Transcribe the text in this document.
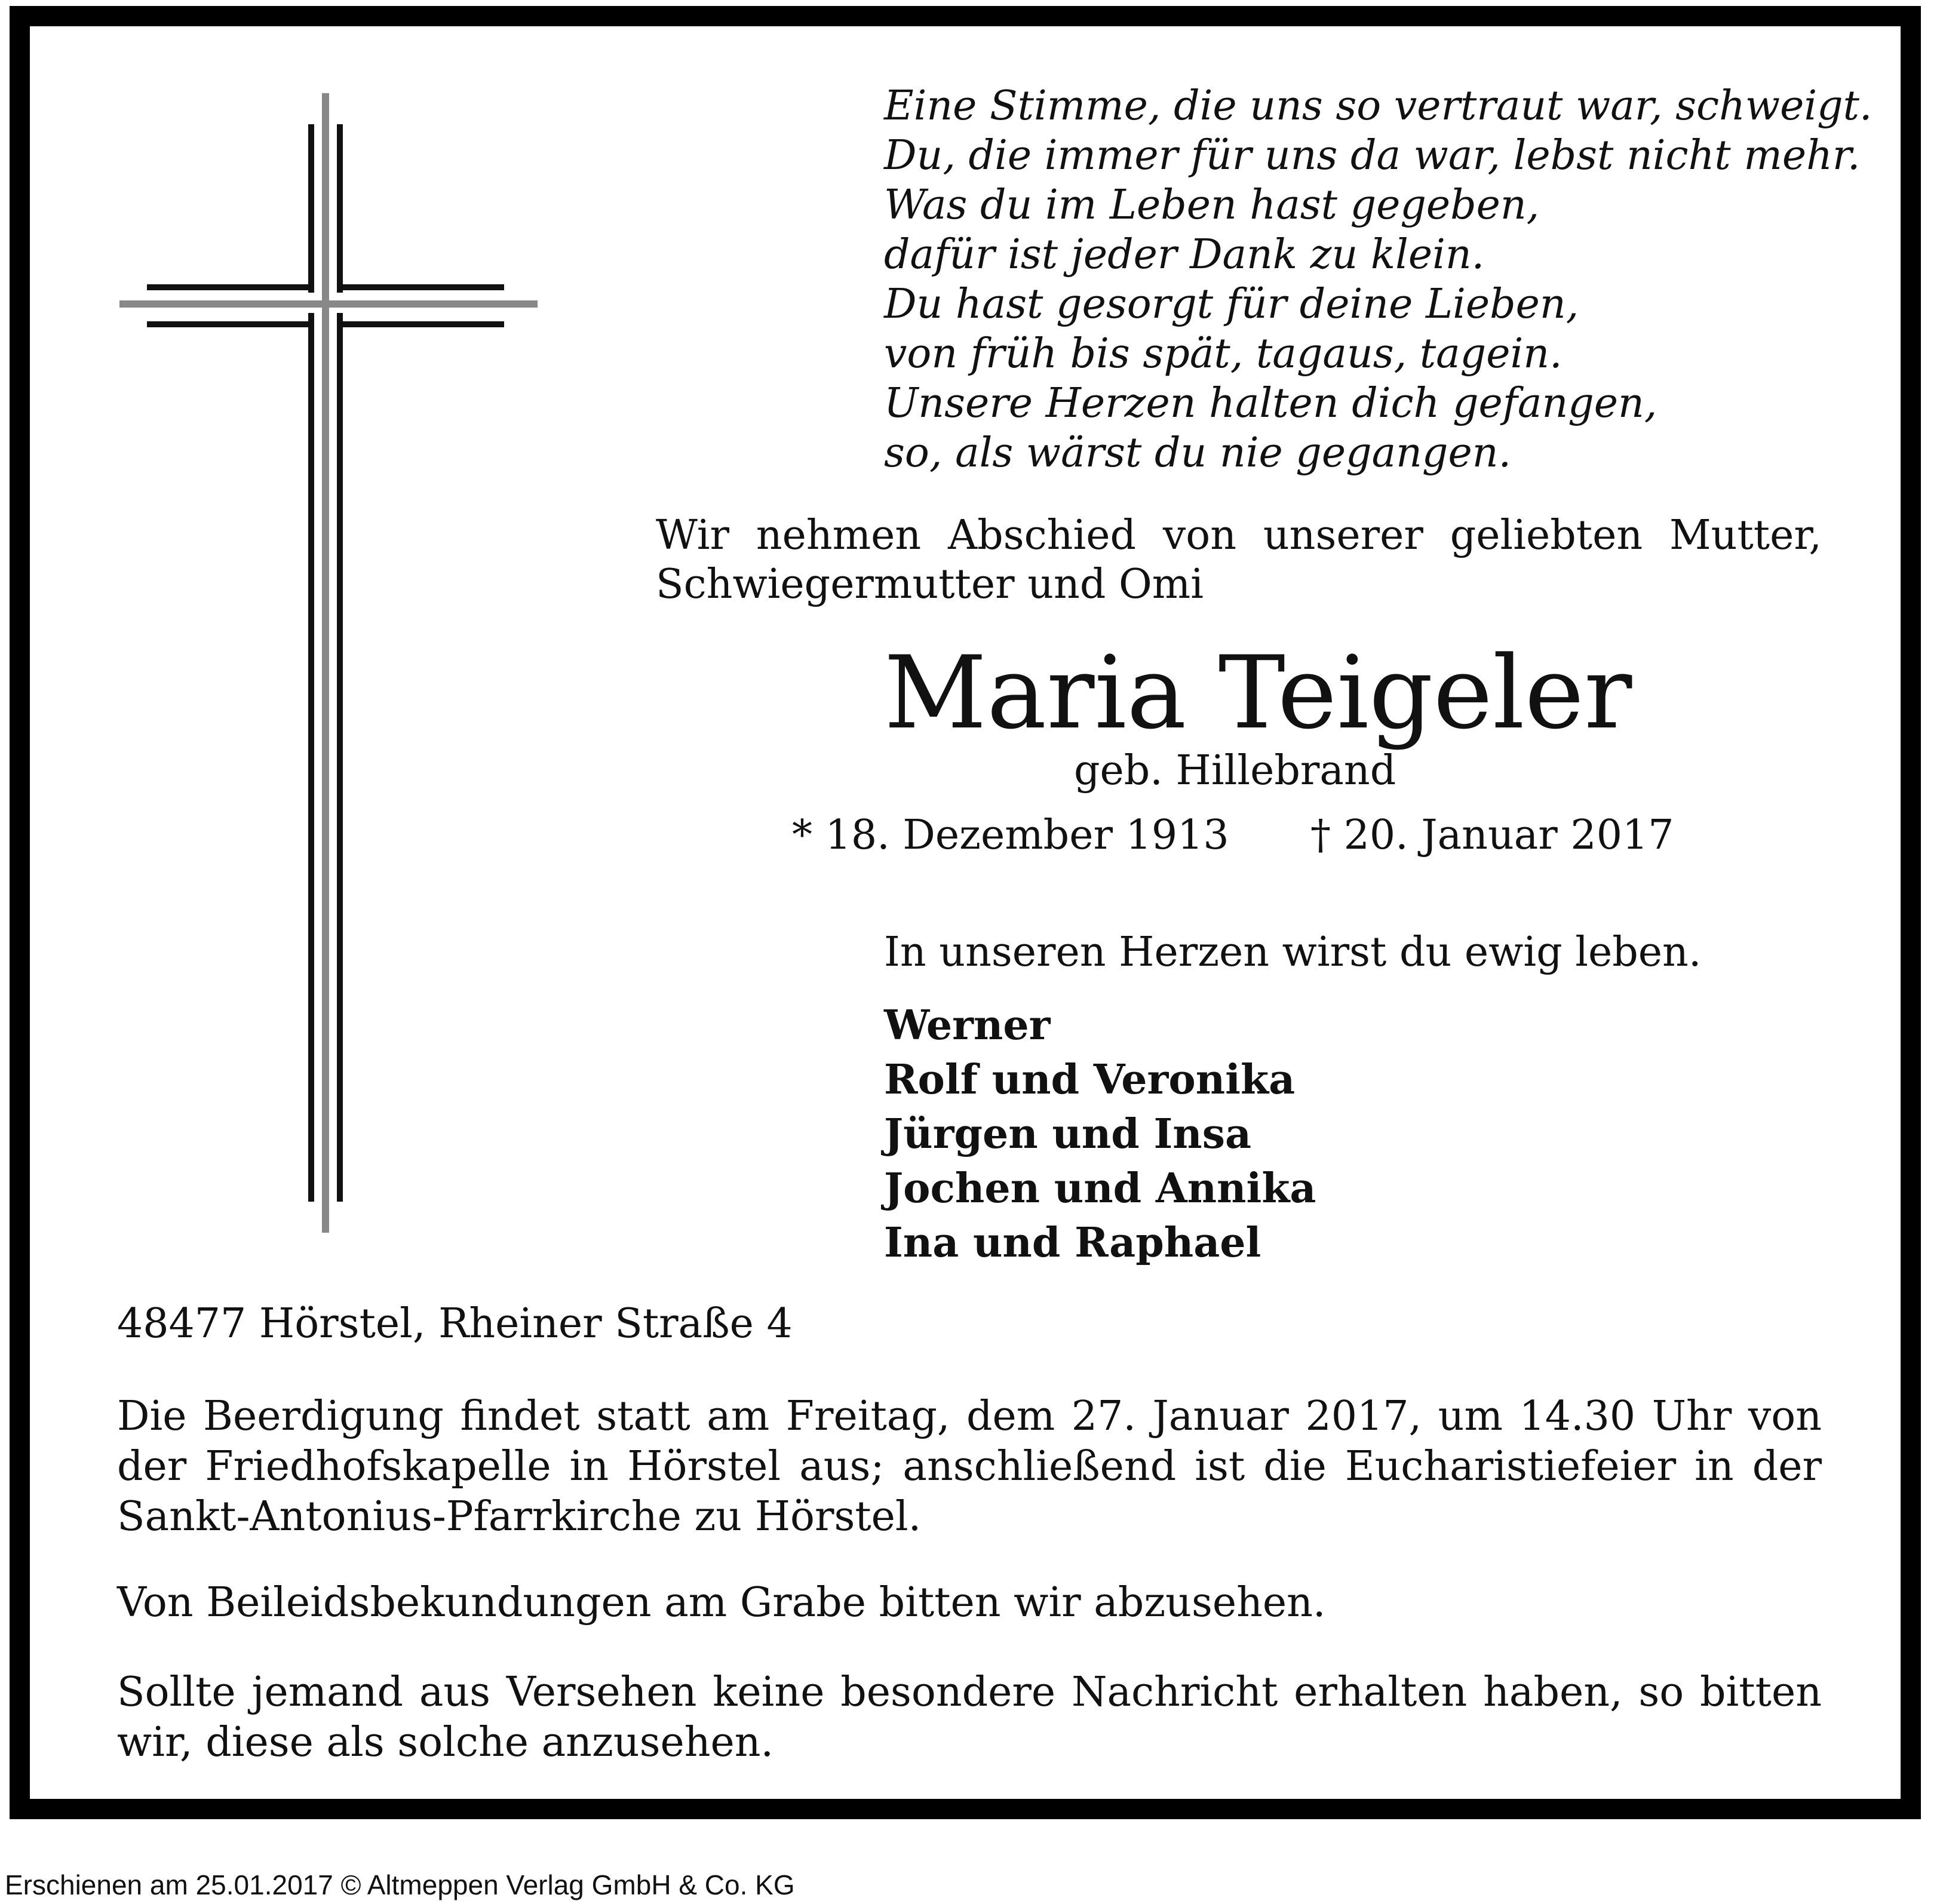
Eine Stimme, die uns so vertraut war, schweigt.
Du, die immer für uns da war, lebst nicht mehr.
Was du im Leben hast gegeben,
dafür ist jeder Dank zu klein.
Du hast gesorgt für deine Lieben,
von früh bis spät, tagaus, tagein.
Unsere Herzen halten dich gefangen,
so, als wärst du nie gegangen.
Wir nehmen Abschied von unserer geliebten Mutter, Schwiegermutter und Omi
Maria Teigeler
geb. Hillebrand
* 18. Dezember 1913 † 20. Januar 2017
In unseren Herzen wirst du ewig leben.
Werner
Rolf und Veronika
Jürgen und Insa
Jochen und Annika
Ina und Raphael
48477 Hörstel, Rheiner Straße 4
Die Beerdigung findet statt am Freitag, dem 27. Januar 2017, um 14.30 Uhr von der Friedhofskapelle in Hörstel aus; anschließend ist die Eucharistiefeier in der Sankt-Antonius-Pfarrkirche zu Hörstel.
Von Beileidsbekundungen am Grabe bitten wir abzusehen.
Sollte jemand aus Versehen keine besondere Nachricht erhalten haben, so bitten wir, diese als solche anzusehen.
Erschienen am 25.01.2017 © Altmeppen Verlag GmbH & Co. KG
